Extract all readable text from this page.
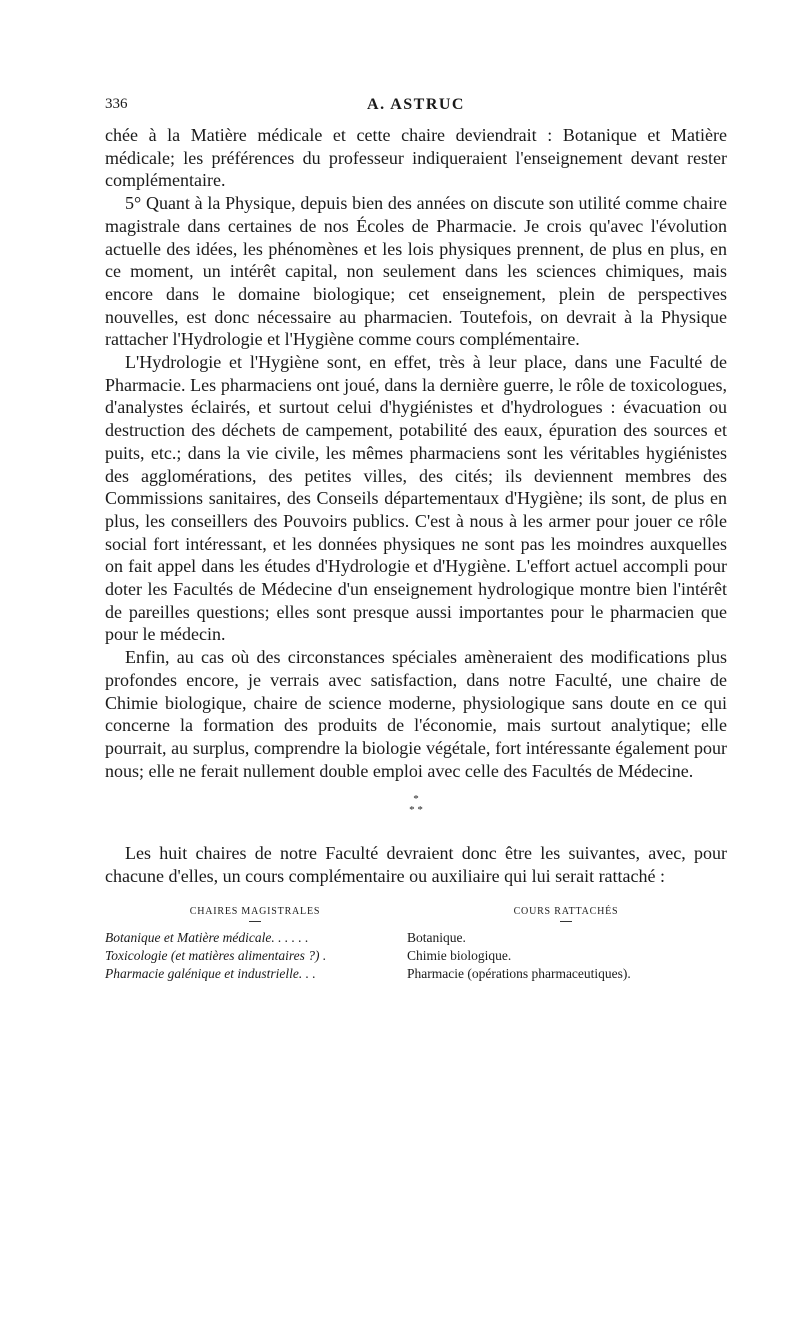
336	A. ASTRUC

chée à la Matière médicale et cette chaire deviendrait : Botanique et Matière médicale; les préférences du professeur indiqueraient l'enseignement devant rester complémentaire.

5° Quant à la Physique, depuis bien des années on discute son utilité comme chaire magistrale dans certaines de nos Écoles de Pharmacie. Je crois qu'avec l'évolution actuelle des idées, les phénomènes et les lois physiques prennent, de plus en plus, en ce moment, un intérêt capital, non seulement dans les sciences chimiques, mais encore dans le domaine biologique; cet enseignement, plein de perspectives nouvelles, est donc nécessaire au pharmacien. Toutefois, on devrait à la Physique rattacher l'Hydrologie et l'Hygiène comme cours complémentaire.

L'Hydrologie et l'Hygiène sont, en effet, très à leur place, dans une Faculté de Pharmacie. Les pharmaciens ont joué, dans la dernière guerre, le rôle de toxicologues, d'analystes éclairés, et surtout celui d'hygiénistes et d'hydrologues : évacuation ou destruction des déchets de campement, potabilité des eaux, épuration des sources et puits, etc.; dans la vie civile, les mêmes pharmaciens sont les véritables hygiénistes des agglomérations, des petites villes, des cités; ils deviennent membres des Commissions sanitaires, des Conseils départementaux d'Hygiène; ils sont, de plus en plus, les conseillers des Pouvoirs publics. C'est à nous à les armer pour jouer ce rôle social fort intéressant, et les données physiques ne sont pas les moindres auxquelles on fait appel dans les études d'Hydrologie et d'Hygiène. L'effort actuel accompli pour doter les Facultés de Médecine d'un enseignement hydrologique montre bien l'intérêt de pareilles questions; elles sont presque aussi importantes pour le pharmacien que pour le médecin.

Enfin, au cas où des circonstances spéciales amèneraient des modifications plus profondes encore, je verrais avec satisfaction, dans notre Faculté, une chaire de Chimie biologique, chaire de science moderne, physiologique sans doute en ce qui concerne la formation des produits de l'économie, mais surtout analytique; elle pourrait, au surplus, comprendre la biologie végétale, fort intéressante également pour nous; elle ne ferait nullement double emploi avec celle des Facultés de Médecine.

*
* *

Les huit chaires de notre Faculté devraient donc être les suivantes, avec, pour chacune d'elles, un cours complémentaire ou auxiliaire qui lui serait rattaché :

CHAIRES MAGISTRALES	COURS RATTACHÉS
Botanique et Matière médicale. . . . . .	Botanique.
Toxicologie (et matières alimentaires ?) .	Chimie biologique.
Pharmacie galénique et industrielle. . .	Pharmacie (opérations pharmaceutiques).
